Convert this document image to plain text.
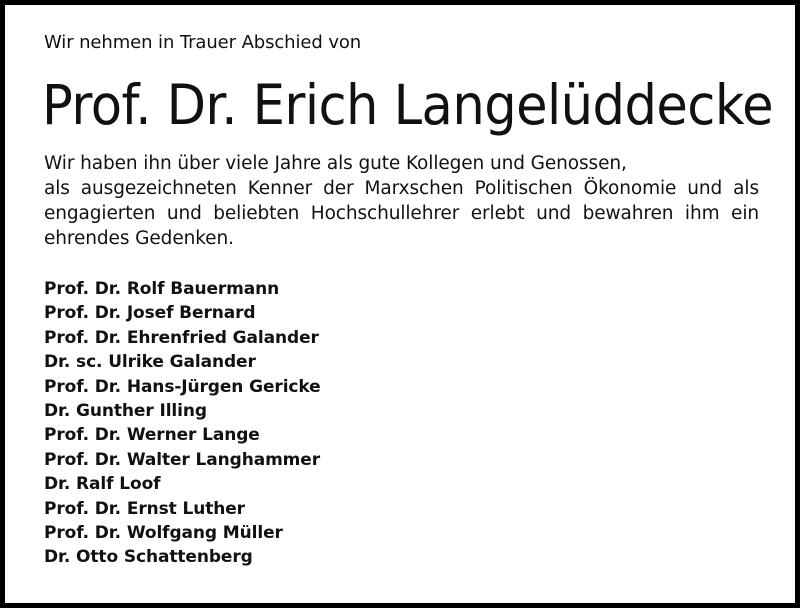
Wir nehmen in Trauer Abschied von
Prof. Dr. Erich Langelüddecke
Wir haben ihn über viele Jahre als gute Kollegen und Genossen,
als ausgezeichneten Kenner der Marxschen Politischen Ökonomie und als
engagierten und beliebten Hochschullehrer erlebt und bewahren ihm ein
ehrendes Gedenken.
Prof. Dr. Rolf Bauermann
Prof. Dr. Josef Bernard
Prof. Dr. Ehrenfried Galander
Dr. sc. Ulrike Galander
Prof. Dr. Hans-Jürgen Gericke
Dr. Gunther Illing
Prof. Dr. Werner Lange
Prof. Dr. Walter Langhammer
Dr. Ralf Loof
Prof. Dr. Ernst Luther
Prof. Dr. Wolfgang Müller
Dr. Otto Schattenberg
